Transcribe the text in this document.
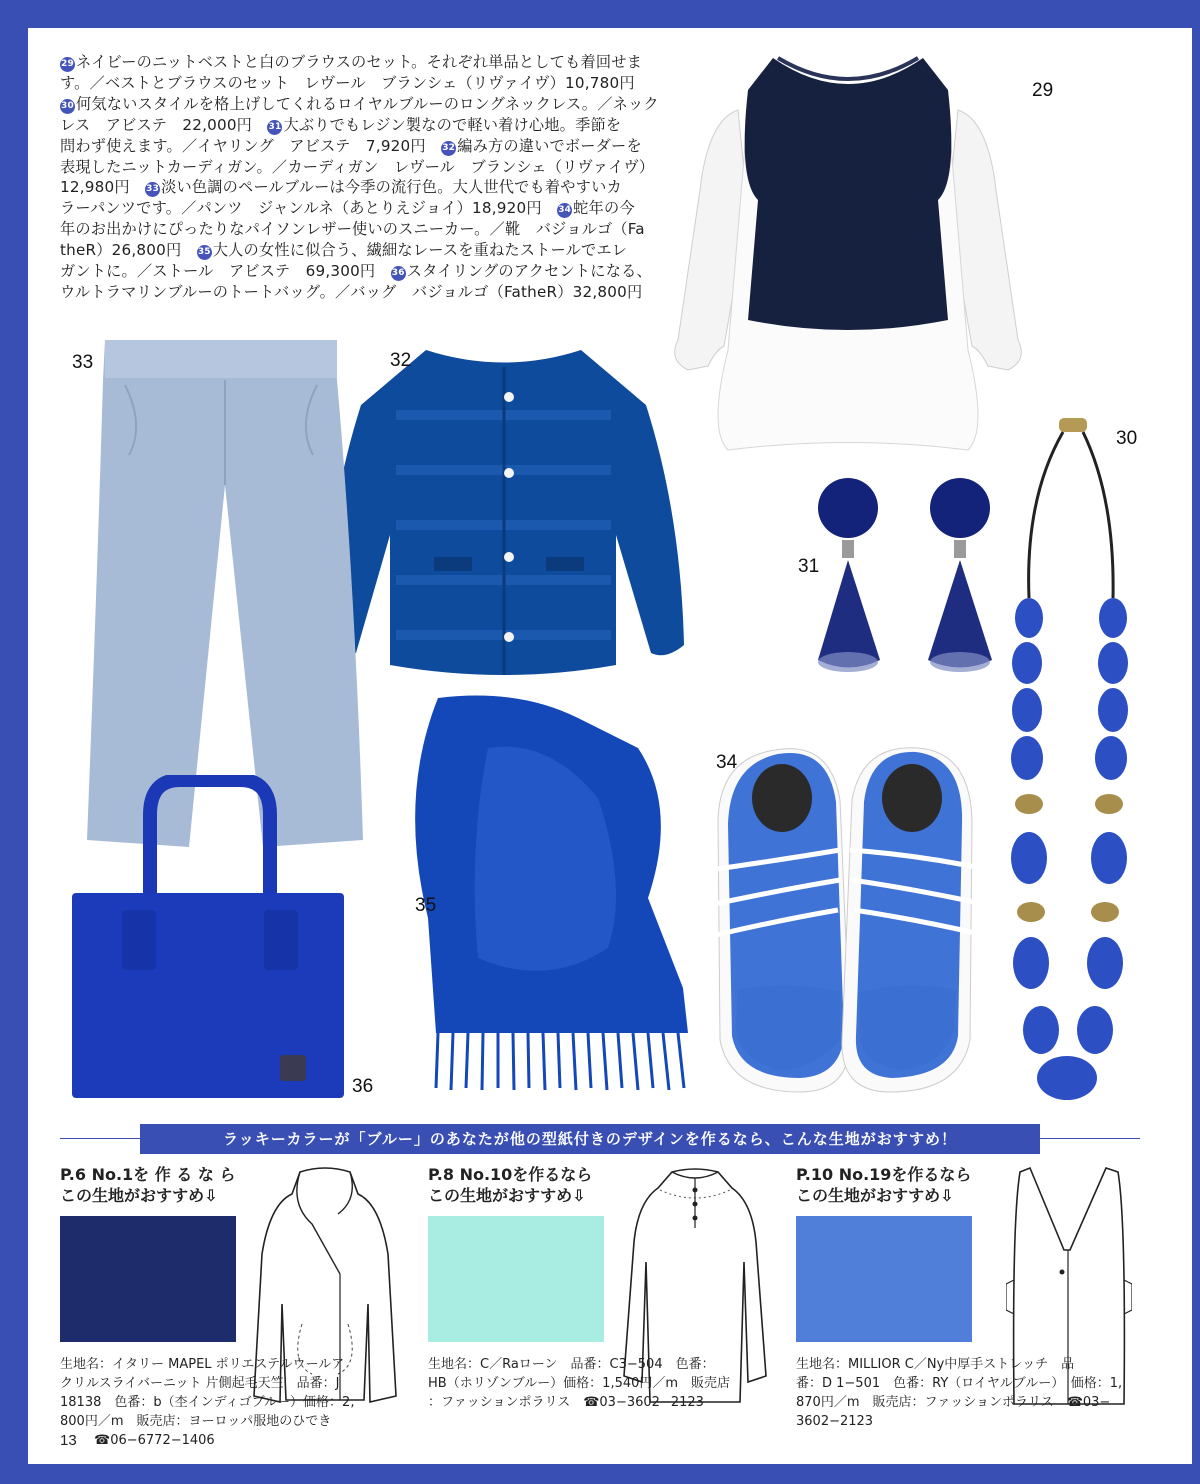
29 ネイビーのニットベストと白のブラウスのセット。それぞれ単品としても着回せま

す。／ベストとブラウスのセット　レヴール　ブランシェ（リヴァイヴ）10,780円

30 何気ないスタイルを格上げしてくれるロイヤルブルーのロングネックレス。／ネック

レス　アビステ　22,000円　31 大ぶりでもレジン製なので軽い着け心地。季節を

問わず使えます。／イヤリング　アビステ　7,920円　32 編み方の違いでボーダーを

表現したニットカーディガン。／カーディガン　レヴール　ブランシェ（リヴァイヴ）

12,980円　33 淡い色調のペールブルーは今季の流行色。大人世代でも着やすいカ

ラーパンツです。／パンツ　ジャンルネ（あとりえジョイ）18,920円　34 蛇年の今

年のお出かけにぴったりなパイソンレザー使いのスニーカー。／靴　バジョルゴ（Fa

theR）26,800円　35 大人の女性に似合う、繊細なレースを重ねたストールでエレ

ガントに。／ストール　アビステ　69,300円　36 スタイリングのアクセントになる、

ウルトラマリンブルーのトートバッグ。／バッグ　バジョルゴ（FatheR）32,800円

29
30
31
32
33
35
34
36
ラッキーカラーが「ブルー」のあなたが他の型紙付きのデザインを作るなら、こんな生地がおすすめ！

P.6 No.1を 作 る な ら

この生地がおすすめ⇩

生地名：イタリー MAPEL ポリエステルウールア

クリルスライバーニット 片側起毛天竺　品番：J

18138　色番：b（杢インディゴブルー）価格：2,

800円／m　販売店：ヨーロッパ服地のひでき

☎06−6772−1406

P.8 No.10を作るなら

この生地がおすすめ⇩

生地名：C／Raローン　品番：C3−504　色番：

HB（ホリゾンブルー）価格：1,540円／m　販売店

：ファッションポラリス　☎03−3602−2123

P.10 No.19を作るなら

この生地がおすすめ⇩

生地名：MILLIOR C／Ny中厚手ストレッチ　品

番：D 1−501　色番：RY（ロイヤルブルー）　価格：1,

870円／m　販売店：ファッションポラリス　☎03−

3602−2123

13
